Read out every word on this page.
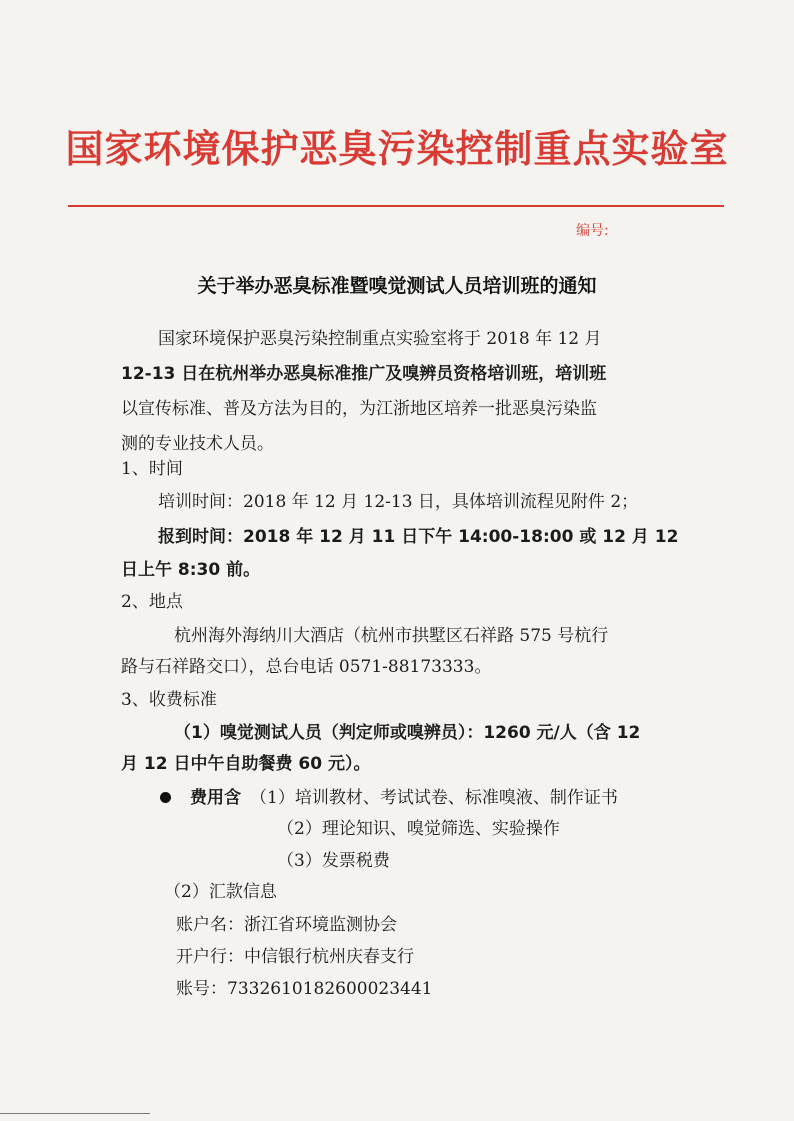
国家环境保护恶臭污染控制重点实验室
编号:
关于举办恶臭标准暨嗅觉测试人员培训班的通知
国家环境保护恶臭污染控制重点实验室将于 2018 年 12 月
12-13 日在杭州举办恶臭标准推广及嗅辨员资格培训班，培训班
以宣传标准、普及方法为目的，为江浙地区培养一批恶臭污染监
测的专业技术人员。
1、时间
培训时间：2018 年 12 月 12-13 日，具体培训流程见附件 2；
报到时间：2018 年 12 月 11 日下午 14:00-18:00 或 12 月 12
日上午 8:30 前。
2、地点
杭州海外海纳川大酒店（杭州市拱墅区石祥路 575 号杭行
路与石祥路交口），总台电话 0571-88173333。
3、收费标准
（1）嗅觉测试人员（判定师或嗅辨员）：1260 元/人（含 12
月 12 日中午自助餐费 60 元）。
费用含 （1）培训教材、考试试卷、标准嗅液、制作证书
（2）理论知识、嗅觉筛选、实验操作
（3）发票税费
（2）汇款信息
账户名：浙江省环境监测协会
开户行：中信银行杭州庆春支行
账号：7332610182600023441
